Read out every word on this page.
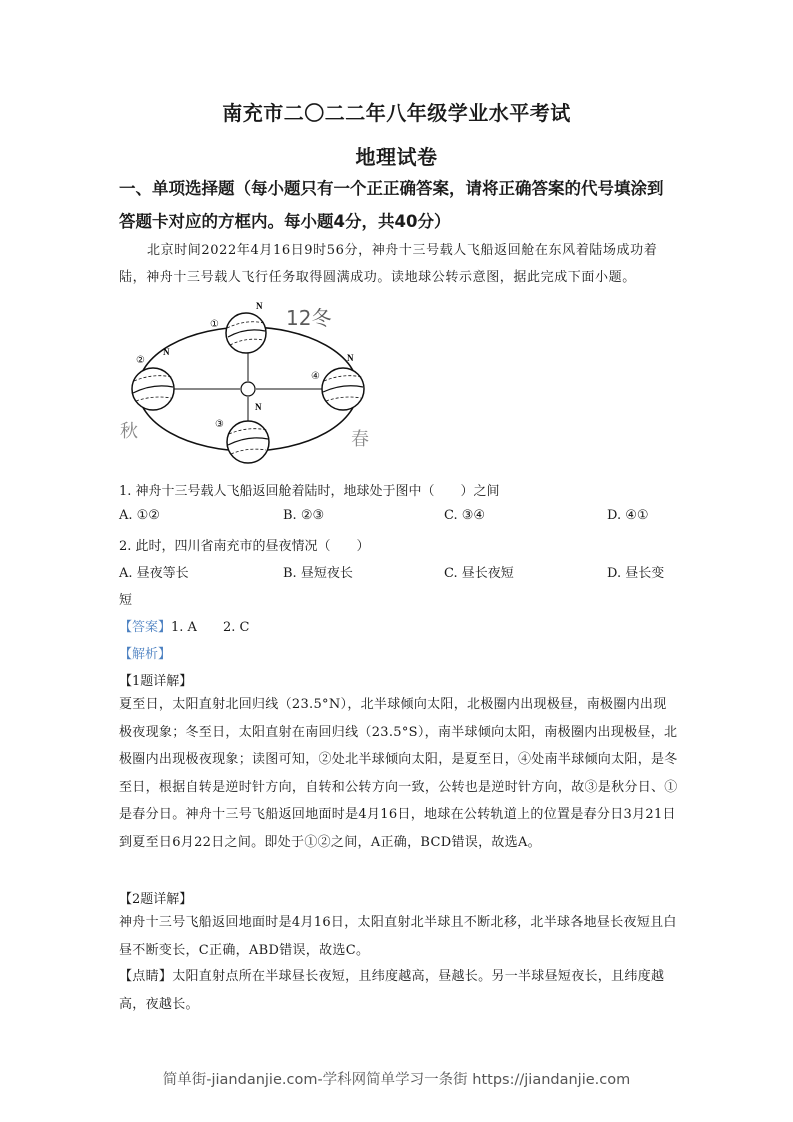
南充市二〇二二年八年级学业水平考试
地理试卷
一、单项选择题（每小题只有一个正正确答案，请将正确答案的代号填涂到答题卡对应的方框内。每小题4分，共40分）
北京时间2022年4月16日9时56分，神舟十三号载人飞船返回舱在东风着陆场成功着陆，神舟十三号载人飞行任务取得圆满成功。读地球公转示意图，据此完成下面小题。
N
①
N
②
N
③
N
④
12冬
秋	春
1. 神舟十三号载人飞船返回舱着陆时，地球处于图中（　　）之间
A. ①②	B. ②③	C. ③④	D. ④①
2. 此时，四川省南充市的昼夜情况（　　）
A. 昼夜等长	B. 昼短夜长	C. 昼长夜短	D. 昼长变
短
【答案】1. A　　2. C
【解析】
【1题详解】
夏至日，太阳直射北回归线（23.5°N），北半球倾向太阳，北极圈内出现极昼，南极圈内出现极夜现象；冬至日，太阳直射在南回归线（23.5°S），南半球倾向太阳，南极圈内出现极昼，北极圈内出现极夜现象；读图可知，②处北半球倾向太阳，是夏至日，④处南半球倾向太阳，是冬至日，根据自转是逆时针方向，自转和公转方向一致，公转也是逆时针方向，故③是秋分日、①是春分日。神舟十三号飞船返回地面时是4月16日，地球在公转轨道上的位置是春分日3月21日到夏至日6月22日之间。即处于①②之间，A正确，BCD错误，故选A。
【2题详解】
神舟十三号飞船返回地面时是4月16日，太阳直射北半球且不断北移，北半球各地昼长夜短且白昼不断变长，C正确，ABD错误，故选C。
【点睛】太阳直射点所在半球昼长夜短，且纬度越高，昼越长。另一半球昼短夜长，且纬度越高，夜越长。
简单街-jiandanjie.com-学科网简单学习一条街 https://jiandanjie.com
